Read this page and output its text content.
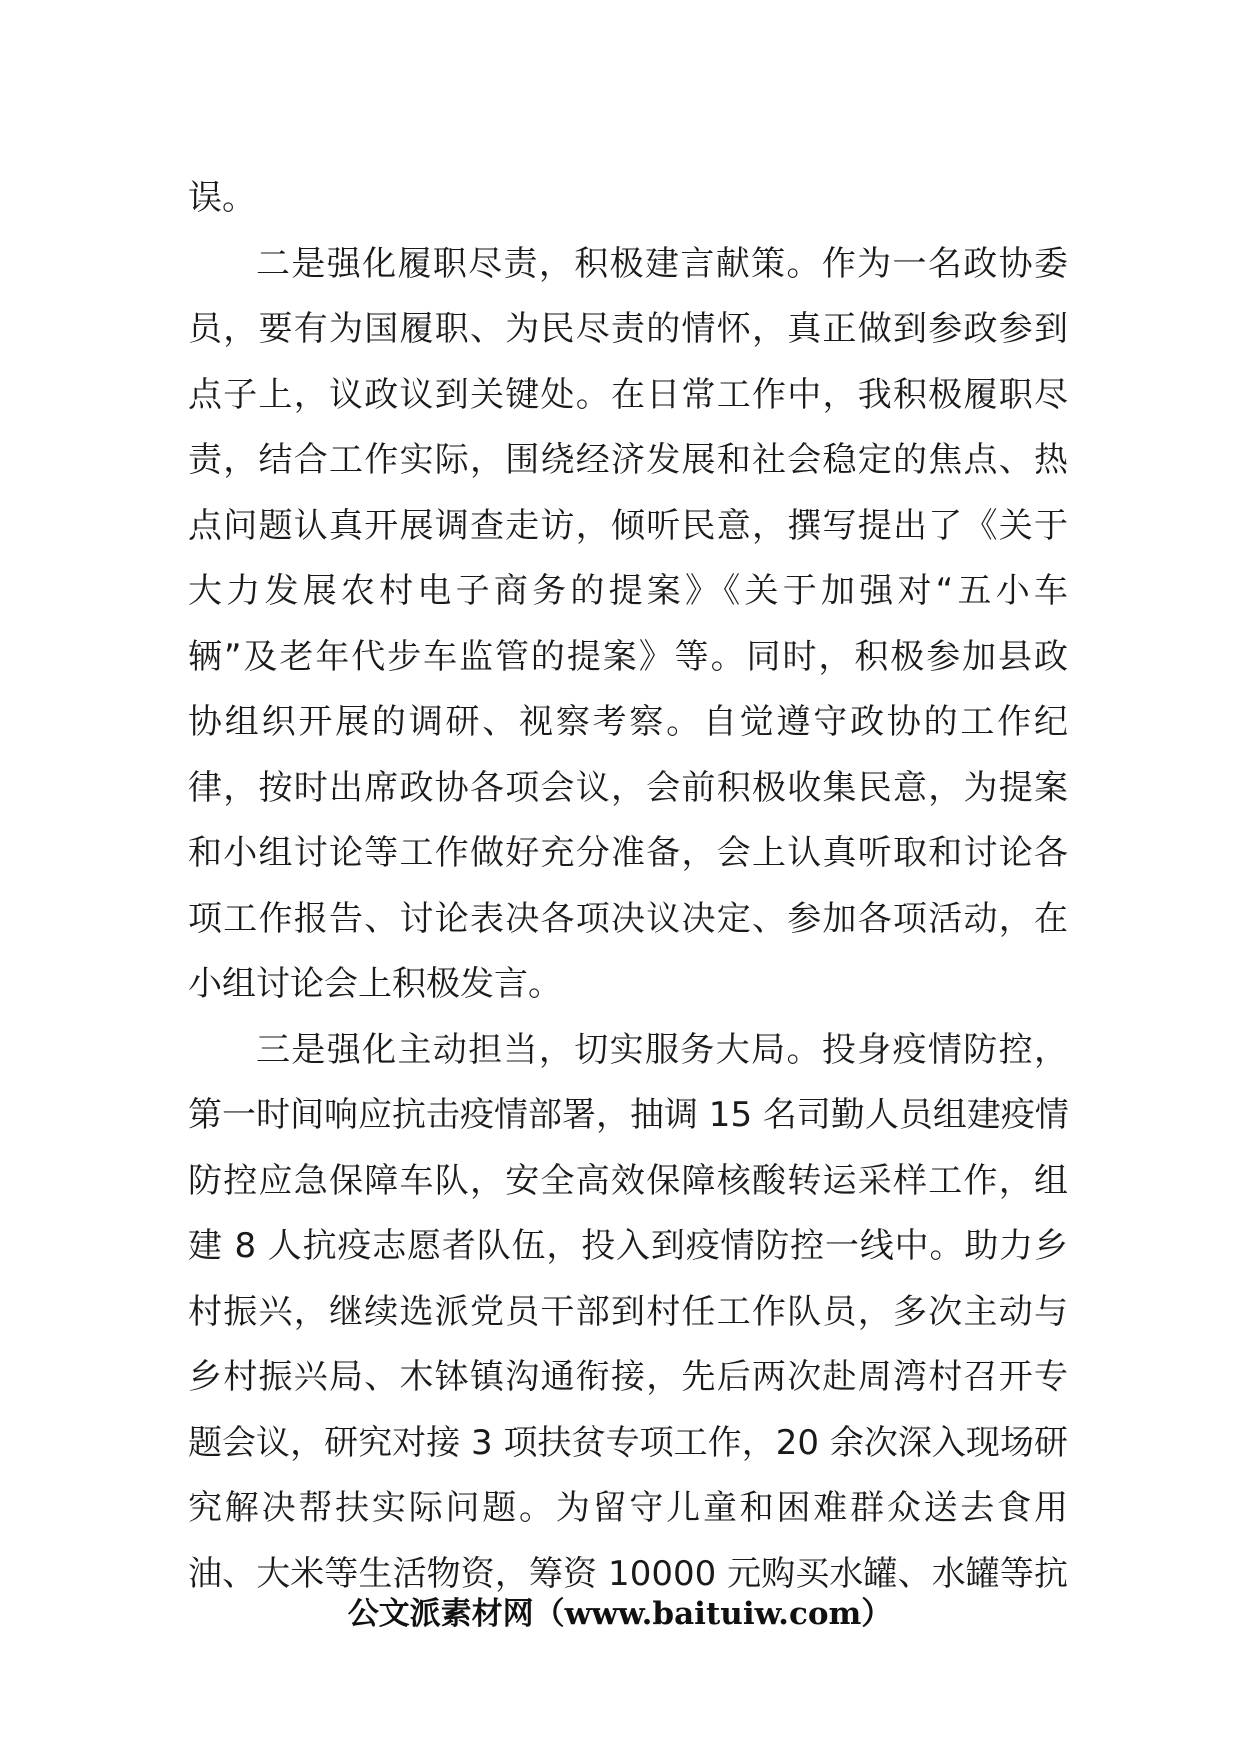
误。
二是强化履职尽责，积极建言献策。作为一名政协委
员，要有为国履职、为民尽责的情怀，真正做到参政参到
点子上，议政议到关键处。在日常工作中，我积极履职尽
责，结合工作实际，围绕经济发展和社会稳定的焦点、热
点问题认真开展调查走访，倾听民意，撰写提出了《关于
大力发展农村电子商务的提案》《关于加强对“五小车
辆”及老年代步车监管的提案》等。同时，积极参加县政
协组织开展的调研、视察考察。自觉遵守政协的工作纪
律，按时出席政协各项会议，会前积极收集民意，为提案
和小组讨论等工作做好充分准备，会上认真听取和讨论各
项工作报告、讨论表决各项决议决定、参加各项活动，在
小组讨论会上积极发言。
三是强化主动担当，切实服务大局。投身疫情防控，
第一时间响应抗击疫情部署，抽调 15 名司勤人员组建疫情
防控应急保障车队，安全高效保障核酸转运采样工作，组
建 8 人抗疫志愿者队伍，投入到疫情防控一线中。助力乡
村振兴，继续选派党员干部到村任工作队员，多次主动与
乡村振兴局、木钵镇沟通衔接，先后两次赴周湾村召开专
题会议，研究对接 3 项扶贫专项工作，20 余次深入现场研
究解决帮扶实际问题。为留守儿童和困难群众送去食用
油、大米等生活物资，筹资 10000 元购买水罐、水罐等抗
公文派素材网（www.baituiw.com）
